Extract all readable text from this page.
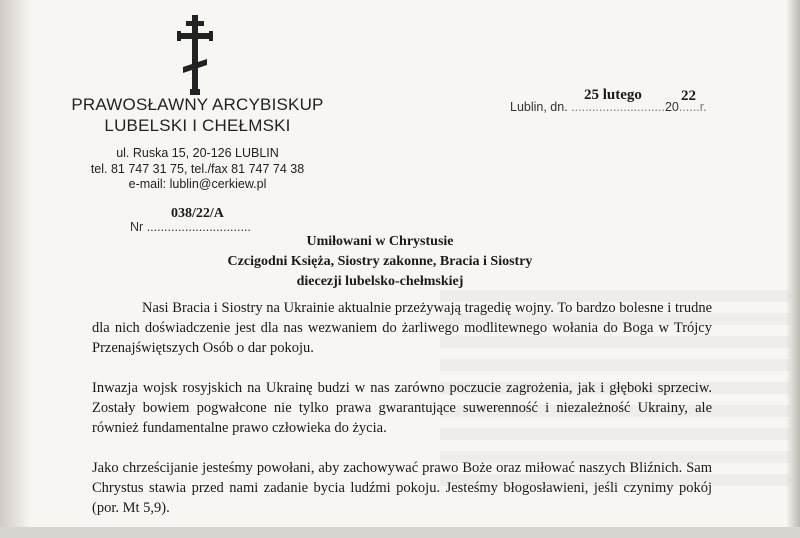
PRAWOSŁAWNY ARCYBISKUP
LUBELSKI I CHEŁMSKI
ul. Ruska 15, 20-126 LUBLIN
tel. 81 747 31 75, tel./fax 81 747 74 38
e-mail: lublin@cerkiew.pl
Lublin, dn. ...........................20......r.
25 lutego	22
Nr ..............................
038/22/A
Umiłowani w Chrystusie
Czcigodni Księża, Siostry zakonne, Bracia i Siostry
diecezji lubelsko-chełmskiej

Nasi Bracia i Siostry na Ukrainie aktualnie przeżywają tragedię wojny. To bardzo bolesne i trudne dla nich doświadczenie jest dla nas wezwaniem do żarliwego modlitewnego wołania do Boga w Trójcy Przenajświętszych Osób o dar pokoju.

Inwazja wojsk rosyjskich na Ukrainę budzi w nas zarówno poczucie zagrożenia, jak i głęboki sprzeciw. Zostały bowiem pogwałcone nie tylko prawa gwarantujące suwerenność i niezależność Ukrainy, ale również fundamentalne prawo człowieka do życia.

Jako chrześcijanie jesteśmy powołani, aby zachowywać prawo Boże oraz miłować naszych Bliźnich. Sam Chrystus stawia przed nami zadanie bycia ludźmi pokoju. Jesteśmy błogosławieni, jeśli czynimy pokój (por. Mt 5,9).
